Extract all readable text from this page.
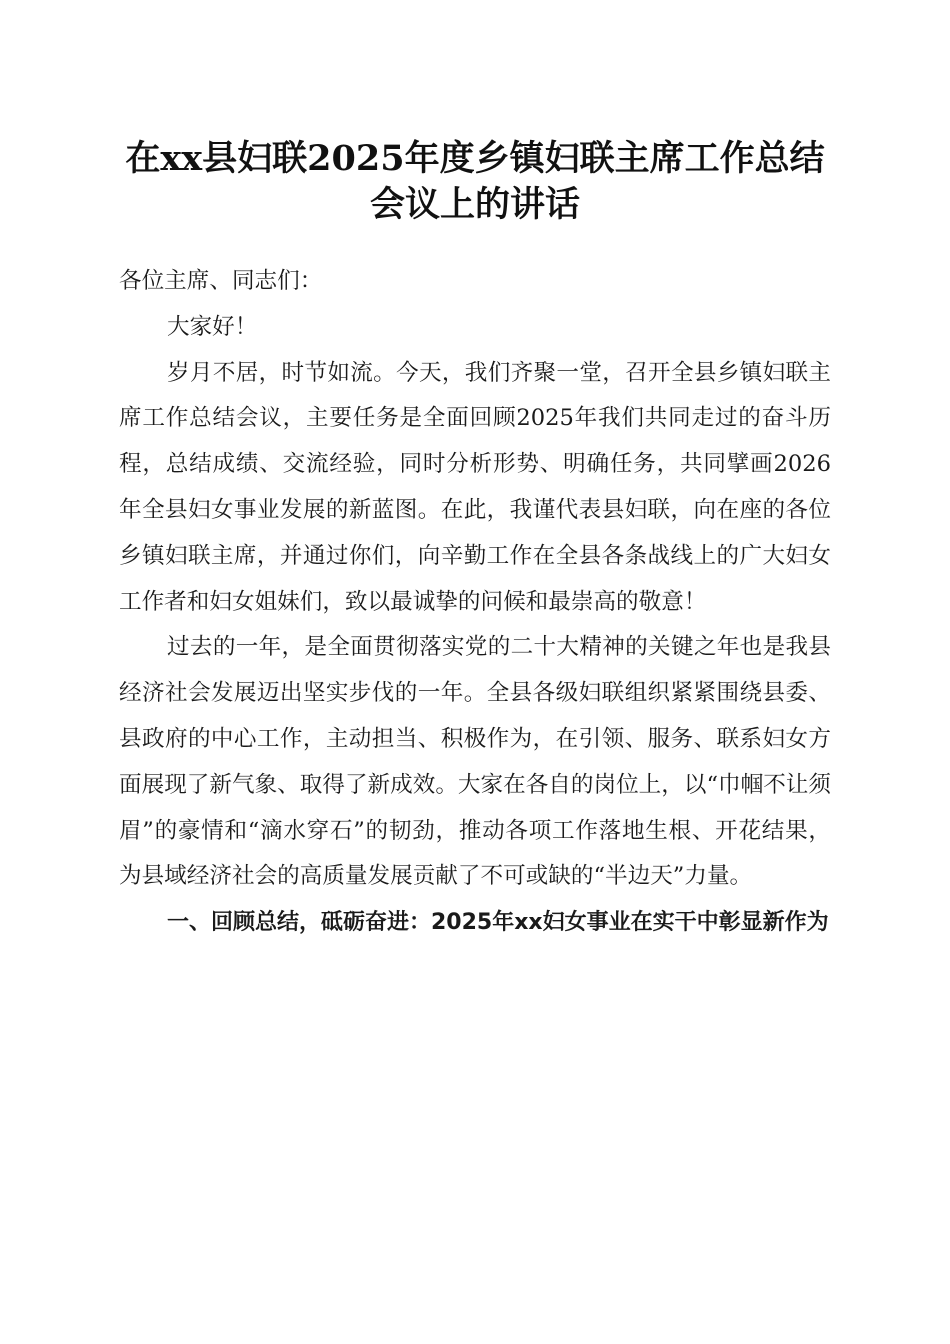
在xx县妇联2025年度乡镇妇联主席工作总结
会议上的讲话

各位主席、同志们：

大家好！

岁月不居，时节如流。今天，我们齐聚一堂，召开全县乡镇妇联主席工作总结会议，主要任务是全面回顾2025年我们共同走过的奋斗历程，总结成绩、交流经验，同时分析形势、明确任务，共同擘画2026年全县妇女事业发展的新蓝图。在此，我谨代表县妇联，向在座的各位乡镇妇联主席，并通过你们，向辛勤工作在全县各条战线上的广大妇女工作者和妇女姐妹们，致以最诚挚的问候和最崇高的敬意！

过去的一年，是全面贯彻落实党的二十大精神的关键之年也是我县经济社会发展迈出坚实步伐的一年。全县各级妇联组织紧紧围绕县委、县政府的中心工作，主动担当、积极作为，在引领、服务、联系妇女方面展现了新气象、取得了新成效。大家在各自的岗位上，以“巾帼不让须眉”的豪情和“滴水穿石”的韧劲，推动各项工作落地生根、开花结果，为县域经济社会的高质量发展贡献了不可或缺的“半边天”力量。

一、回顾总结，砥砺奋进：2025年xx妇女事业在实干中彰显新作为
